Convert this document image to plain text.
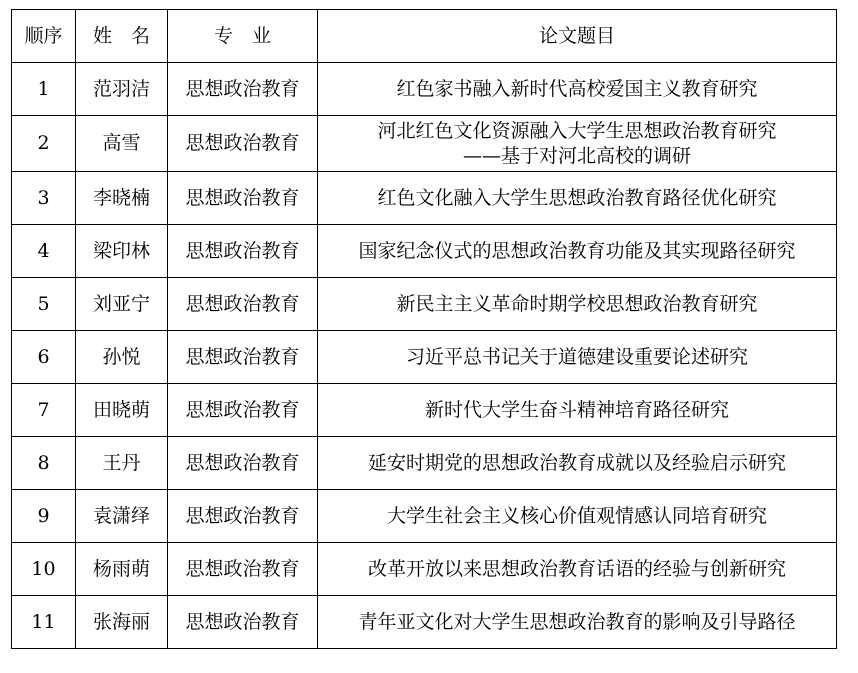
顺序	姓　名	专　业	论文题目
1	范羽洁	思想政治教育	红色家书融入新时代高校爱国主义教育研究
2	高雪	思想政治教育	河北红色文化资源融入大学生思想政治教育研究
——基于对河北高校的调研

3	李晓楠	思想政治教育	红色文化融入大学生思想政治教育路径优化研究
4	梁印林	思想政治教育	国家纪念仪式的思想政治教育功能及其实现路径研究
5	刘亚宁	思想政治教育	新民主主义革命时期学校思想政治教育研究
6	孙悦	思想政治教育	习近平总书记关于道德建设重要论述研究
7	田晓萌	思想政治教育	新时代大学生奋斗精神培育路径研究
8	王丹	思想政治教育	延安时期党的思想政治教育成就以及经验启示研究
9	袁潇绎	思想政治教育	大学生社会主义核心价值观情感认同培育研究
10	杨雨萌	思想政治教育	改革开放以来思想政治教育话语的经验与创新研究
11	张海丽	思想政治教育	青年亚文化对大学生思想政治教育的影响及引导路径
